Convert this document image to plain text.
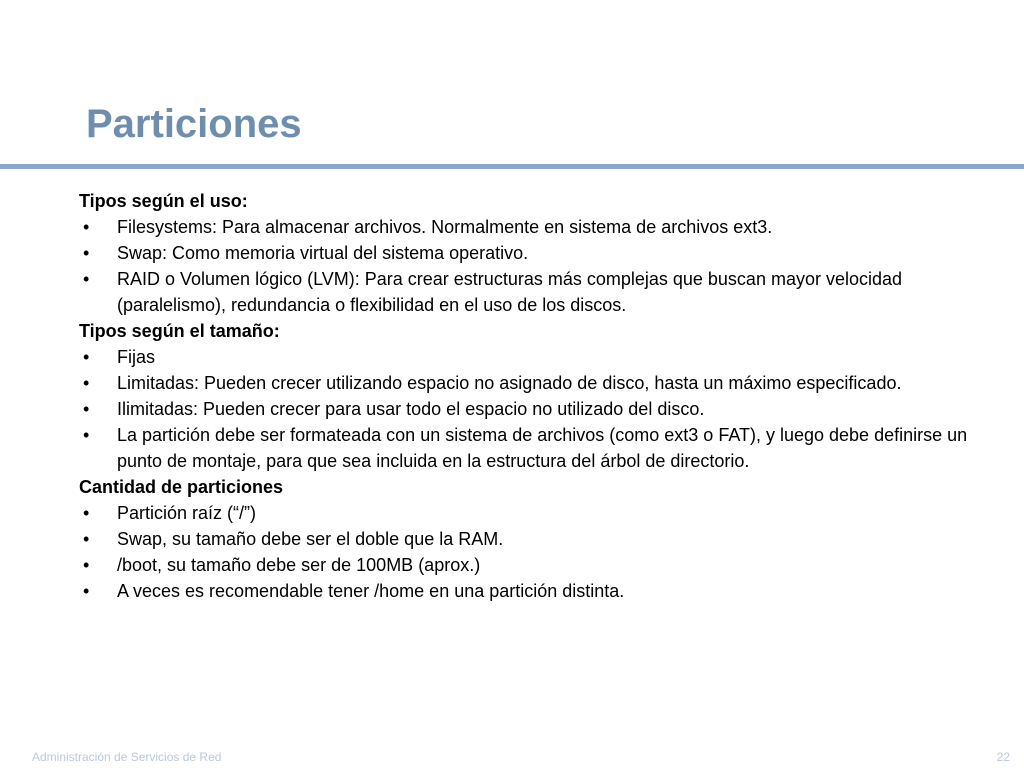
Particiones
Tipos según el uso:
• Filesystems: Para almacenar archivos. Normalmente en sistema de archivos ext3.
• Swap: Como memoria virtual del sistema operativo.
• RAID o Volumen lógico (LVM): Para crear estructuras más complejas que buscan mayor velocidad (paralelismo), redundancia o flexibilidad en el uso de los discos.
Tipos según el tamaño:
• Fijas
• Limitadas: Pueden crecer utilizando espacio no asignado de disco, hasta un máximo especificado.
• Ilimitadas: Pueden crecer para usar todo el espacio no utilizado del disco.
• La partición debe ser formateada con un sistema de archivos (como ext3 o FAT), y luego debe definirse un punto de montaje, para que sea incluida en la estructura del árbol de directorio.
Cantidad de particiones
• Partición raíz (“/”)
• Swap, su tamaño debe ser el doble que la RAM.
• /boot, su tamaño debe ser de 100MB (aprox.)
• A veces es recomendable tener /home en una partición distinta.
Administración de Servicios de Red	22
